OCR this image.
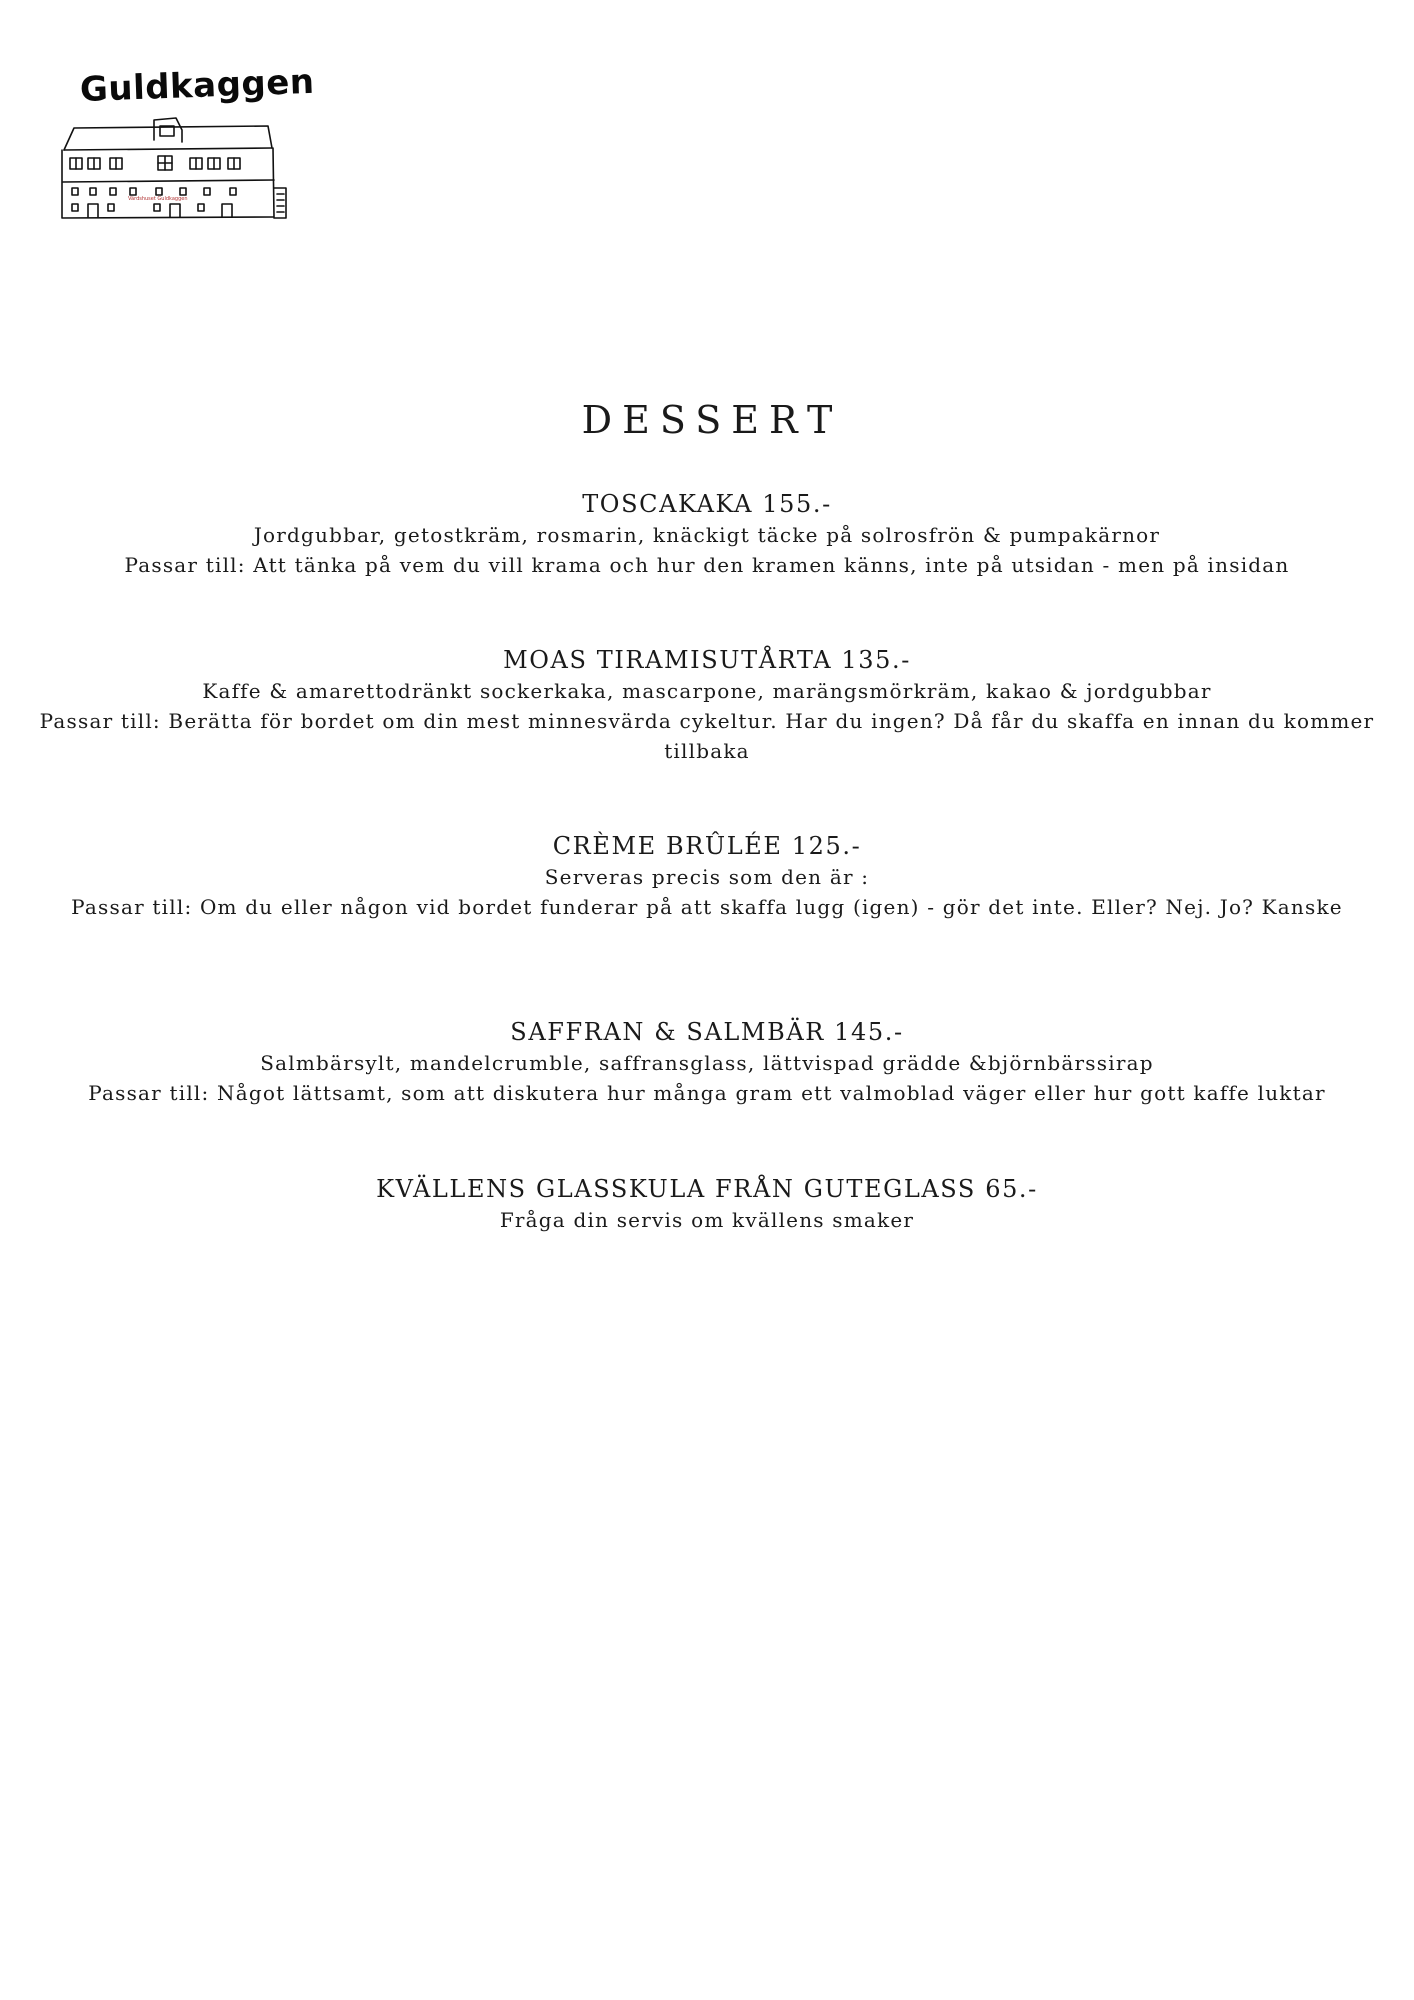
Guldkaggen
Värdshuset Guldkaggen
DESSERT
TOSCAKAKA 155.-
Jordgubbar, getostkräm, rosmarin, knäckigt täcke på solrosfrön & pumpakärnor
Passar till: Att tänka på vem du vill krama och hur den kramen känns, inte på utsidan - men på insidan
MOAS TIRAMISUTÅRTA 135.-
Kaffe & amarettodränkt sockerkaka, mascarpone, marängsmörkräm, kakao & jordgubbar
Passar till: Berätta för bordet om din mest minnesvärda cykeltur. Har du ingen? Då får du skaffa en innan du kommer tillbaka
CRÈME BRÛLÉE 125.-
Serveras precis som den är :
Passar till: Om du eller någon vid bordet funderar på att skaffa lugg (igen) - gör det inte. Eller? Nej. Jo? Kanske
SAFFRAN & SALMBÄR 145.-
Salmbärsylt, mandelcrumble, saffransglass, lättvispad grädde &björnbärssirap
Passar till: Något lättsamt, som att diskutera hur många gram ett valmoblad väger eller hur gott kaffe luktar
KVÄLLENS GLASSKULA FRÅN GUTEGLASS 65.-
Fråga din servis om kvällens smaker
